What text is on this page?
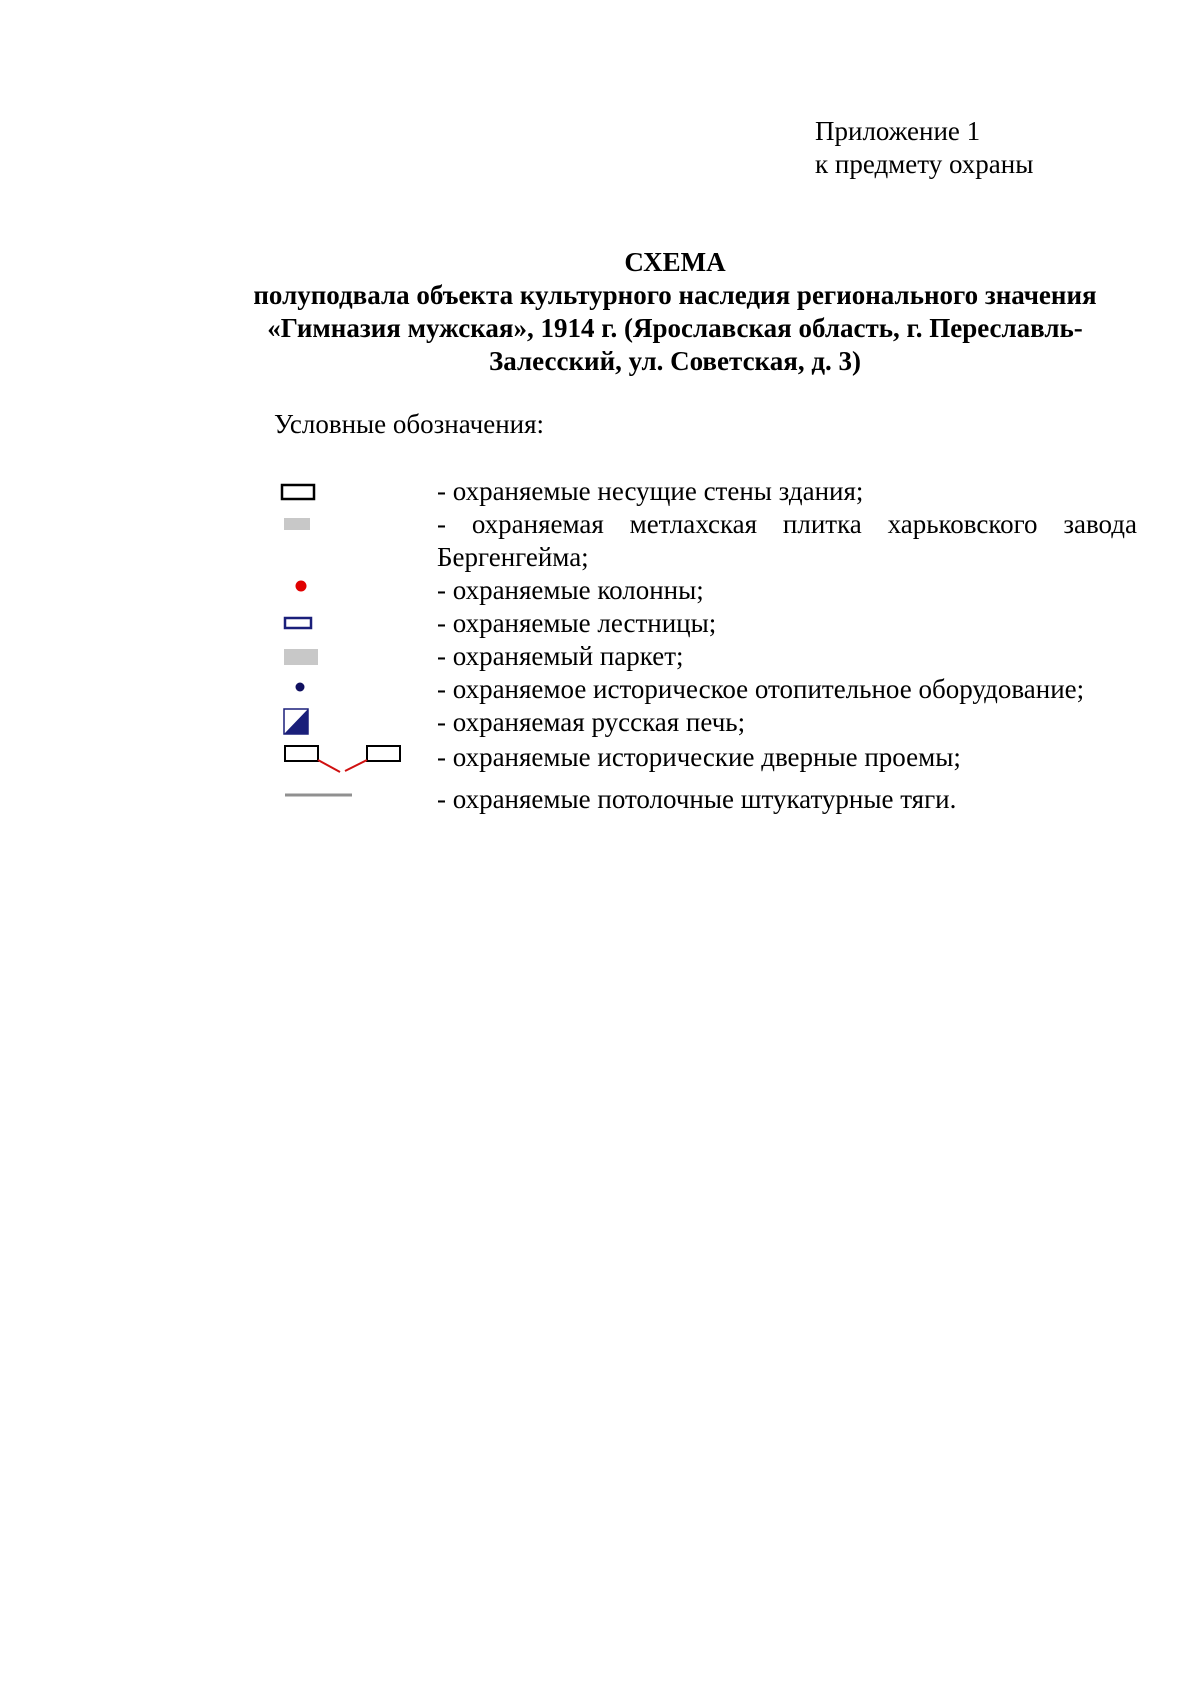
Приложение 1
к предмету охраны
СХЕМА
полуподвала объекта культурного наследия регионального значения
«Гимназия мужская», 1914 г. (Ярославская область, г. Переславль-
Залесский, ул. Советская, д. 3)
Условные обозначения:
- охраняемые несущие стены здания;
- охраняемая метлахская плитка харьковского завода
Бергенгейма;
- охраняемые колонны;
- охраняемые лестницы;
- охраняемый паркет;
- охраняемое историческое отопительное оборудование;
- охраняемая русская печь;
- охраняемые исторические дверные проемы;
- охраняемые потолочные штукатурные тяги.
